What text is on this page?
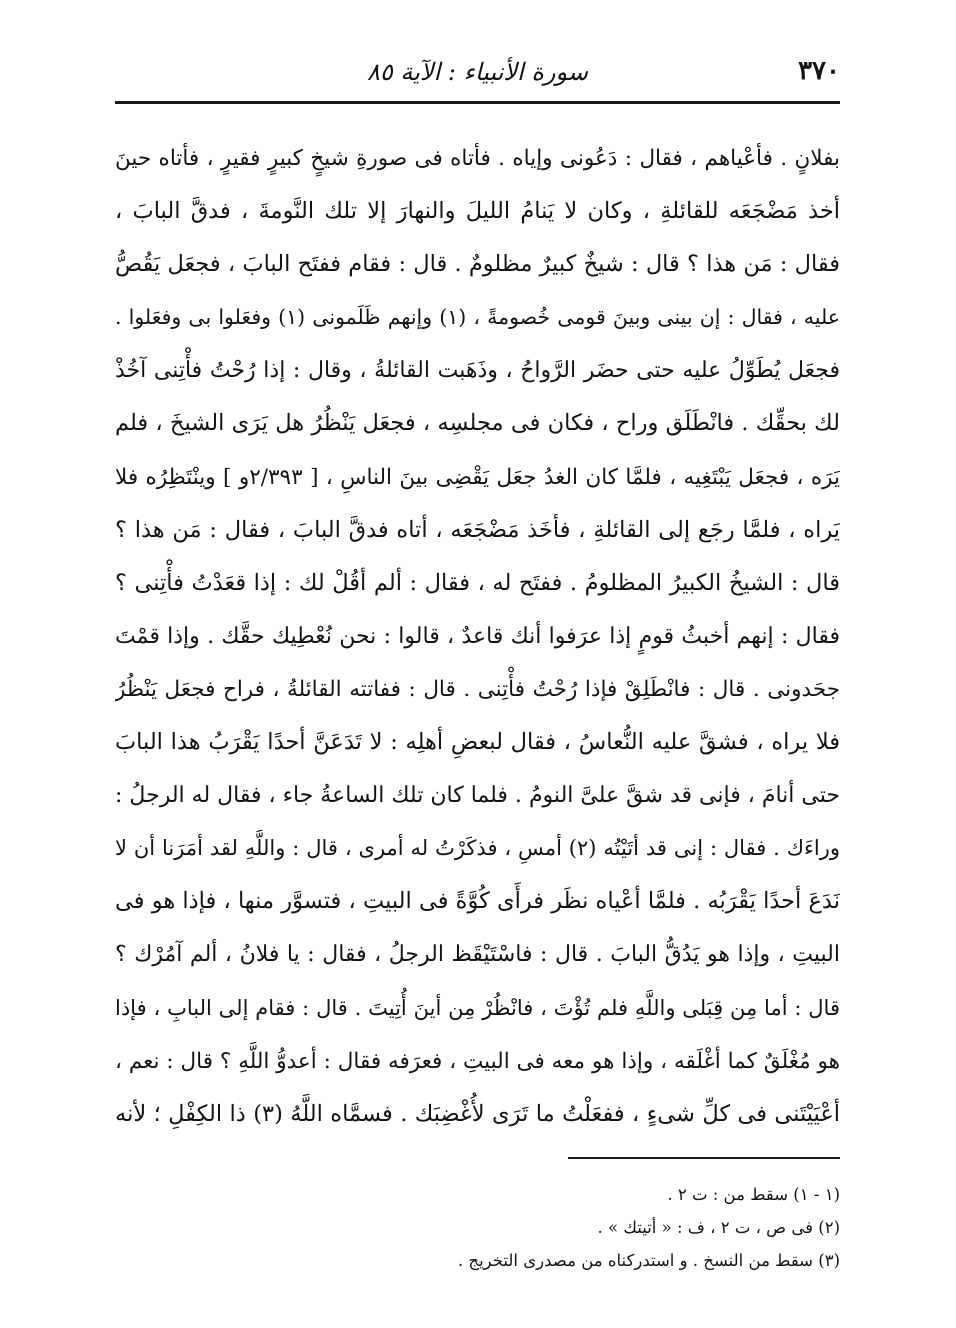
٣٧٠
سورة الأنبياء : الآية ٨٥
بفلانٍ . فأعْياهم ، فقال : دَعُونى وإياه . فأتاه فى صورةِ شيخٍ كبيرٍ فقيرٍ ، فأتاه حينَ
أخذ مَضْجَعَه للقائلةِ ، وكان لا يَنامُ الليلَ والنهارَ إلا تلك النَّومةَ ، فدقَّ البابَ ،
فقال : مَن هذا ؟ قال : شيخٌ كبيرٌ مظلومٌ . قال : فقام ففتَح البابَ ، فجعَل يَقُصُّ
عليه ، فقال : إن بينى وبينَ قومى خُصومةً ، (١) وإنهم ظَلَمونى (١) وفعَلوا بى وفعَلوا .
فجعَل يُطَوِّلُ عليه حتى حضَر الرَّواحُ ، وذَهَبت القائلةُ ، وقال : إذا رُحْتُ فأْتِنى آخُذْ
لك بحقِّك . فانْطَلَق وراح ، فكان فى مجلسِه ، فجعَل يَنْظُرُ هل يَرَى الشيخَ ، فلم
يَرَه ، فجعَل يَبْتَغِيه ، فلمَّا كان الغدُ جعَل يَقْضِى بينَ الناسِ ، [ ٢/٣٩٣و ] وينْتَظِرُه فلا
يَراه ، فلمَّا رجَع إلى القائلةِ ، فأخَذ مَضْجَعَه ، أتاه فدقَّ البابَ ، فقال : مَن هذا ؟
قال : الشيخُ الكبيرُ المظلومُ . ففتَح له ، فقال : ألم أقُلْ لك : إذا قعَدْتُ فأْتِنى ؟
فقال : إنهم أخبثُ قومٍ إذا عرَفوا أنك قاعدٌ ، قالوا : نحن نُعْطِيك حقَّك . وإذا قمْتَ
جحَدونى . قال : فانْطَلِقْ فإذا رُحْتُ فأْتِنى . قال : ففاتته القائلةُ ، فراح فجعَل يَنْظُرُ
فلا يراه ، فشقَّ عليه النُّعاسُ ، فقال لبعضِ أهلِه : لا تَدَعَنَّ أحدًا يَقْرَبُ هذا البابَ
حتى أنامَ ، فإنى قد شقَّ علىَّ النومُ . فلما كان تلك الساعةُ جاء ، فقال له الرجلُ :
وراءَك . فقال : إنى قد أتَيْتُه (٢) أمسِ ، فذكَرْتُ له أمرى ، قال : واللَّهِ لقد أمَرَنا أن لا
نَدَعَ أحدًا يَقْرَبُه . فلمَّا أعْياه نظَر فرأَى كُوَّةً فى البيتِ ، فتسوَّر منها ، فإذا هو فى
البيتِ ، وإذا هو يَدُقُّ البابَ . قال : فاسْتَيْقَظ الرجلُ ، فقال : يا فلانُ ، ألم آمُرْك ؟
قال : أما مِن قِبَلى واللَّهِ فلم تُؤْتَ ، فانْظُرْ مِن أينَ أُتِيتَ . قال : فقام إلى البابِ ، فإذا
هو مُغْلَقٌ كما أغْلَقه ، وإذا هو معه فى البيتِ ، فعرَفه فقال : أعدوُّ اللَّهِ ؟ قال : نعم ،
أعْيَيْتَنى فى كلِّ شىءٍ ، ففعَلْتُ ما تَرَى لأُغْضِبَك . فسمَّاه اللَّهُ (٣) ذا الكِفْلِ ؛ لأنه
(١ - ١) سقط من : ت ٢ .
(٢) فى ص ، ت ٢ ، ف : « أتيتك » .
(٣) سقط من النسخ . و استدركناه من مصدرى التخريج .
